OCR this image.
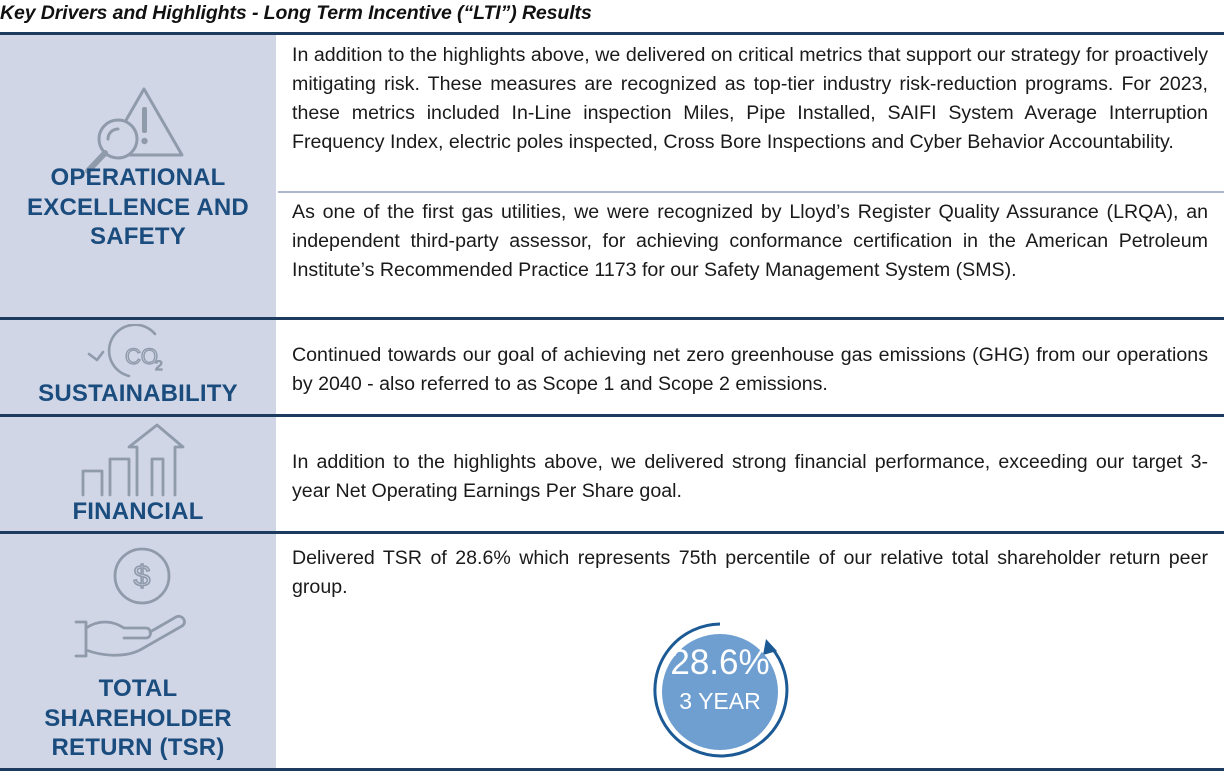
Key Drivers and Highlights - Long Term Incentive (“LTI”) Results
OPERATIONAL
EXCELLENCE AND
SAFETY
In addition to the highlights above, we delivered on critical metrics that support our strategy for proactively mitigating risk. These measures are recognized as top-tier industry risk-reduction programs. For 2023, these metrics included In-Line inspection Miles, Pipe Installed, SAIFI System Average Interruption Frequency Index, electric poles inspected, Cross Bore Inspections and Cyber Behavior Accountability.
As one of the first gas utilities, we were recognized by Lloyd’s Register Quality Assurance (LRQA), an independent third-party assessor, for achieving conformance certification in the American Petroleum Institute’s Recommended Practice 1173 for our Safety Management System (SMS).
CO
2
SUSTAINABILITY
Continued towards our goal of achieving net zero greenhouse gas emissions (GHG) from our operations by 2040 - also referred to as Scope 1 and Scope 2 emissions.
FINANCIAL
In addition to the highlights above, we delivered strong financial performance, exceeding our target 3-year Net Operating Earnings Per Share goal.
$
TOTAL
SHAREHOLDER
RETURN (TSR)
Delivered TSR of 28.6% which represents 75th percentile of our relative total shareholder return peer group.
28.6%
3 YEAR
